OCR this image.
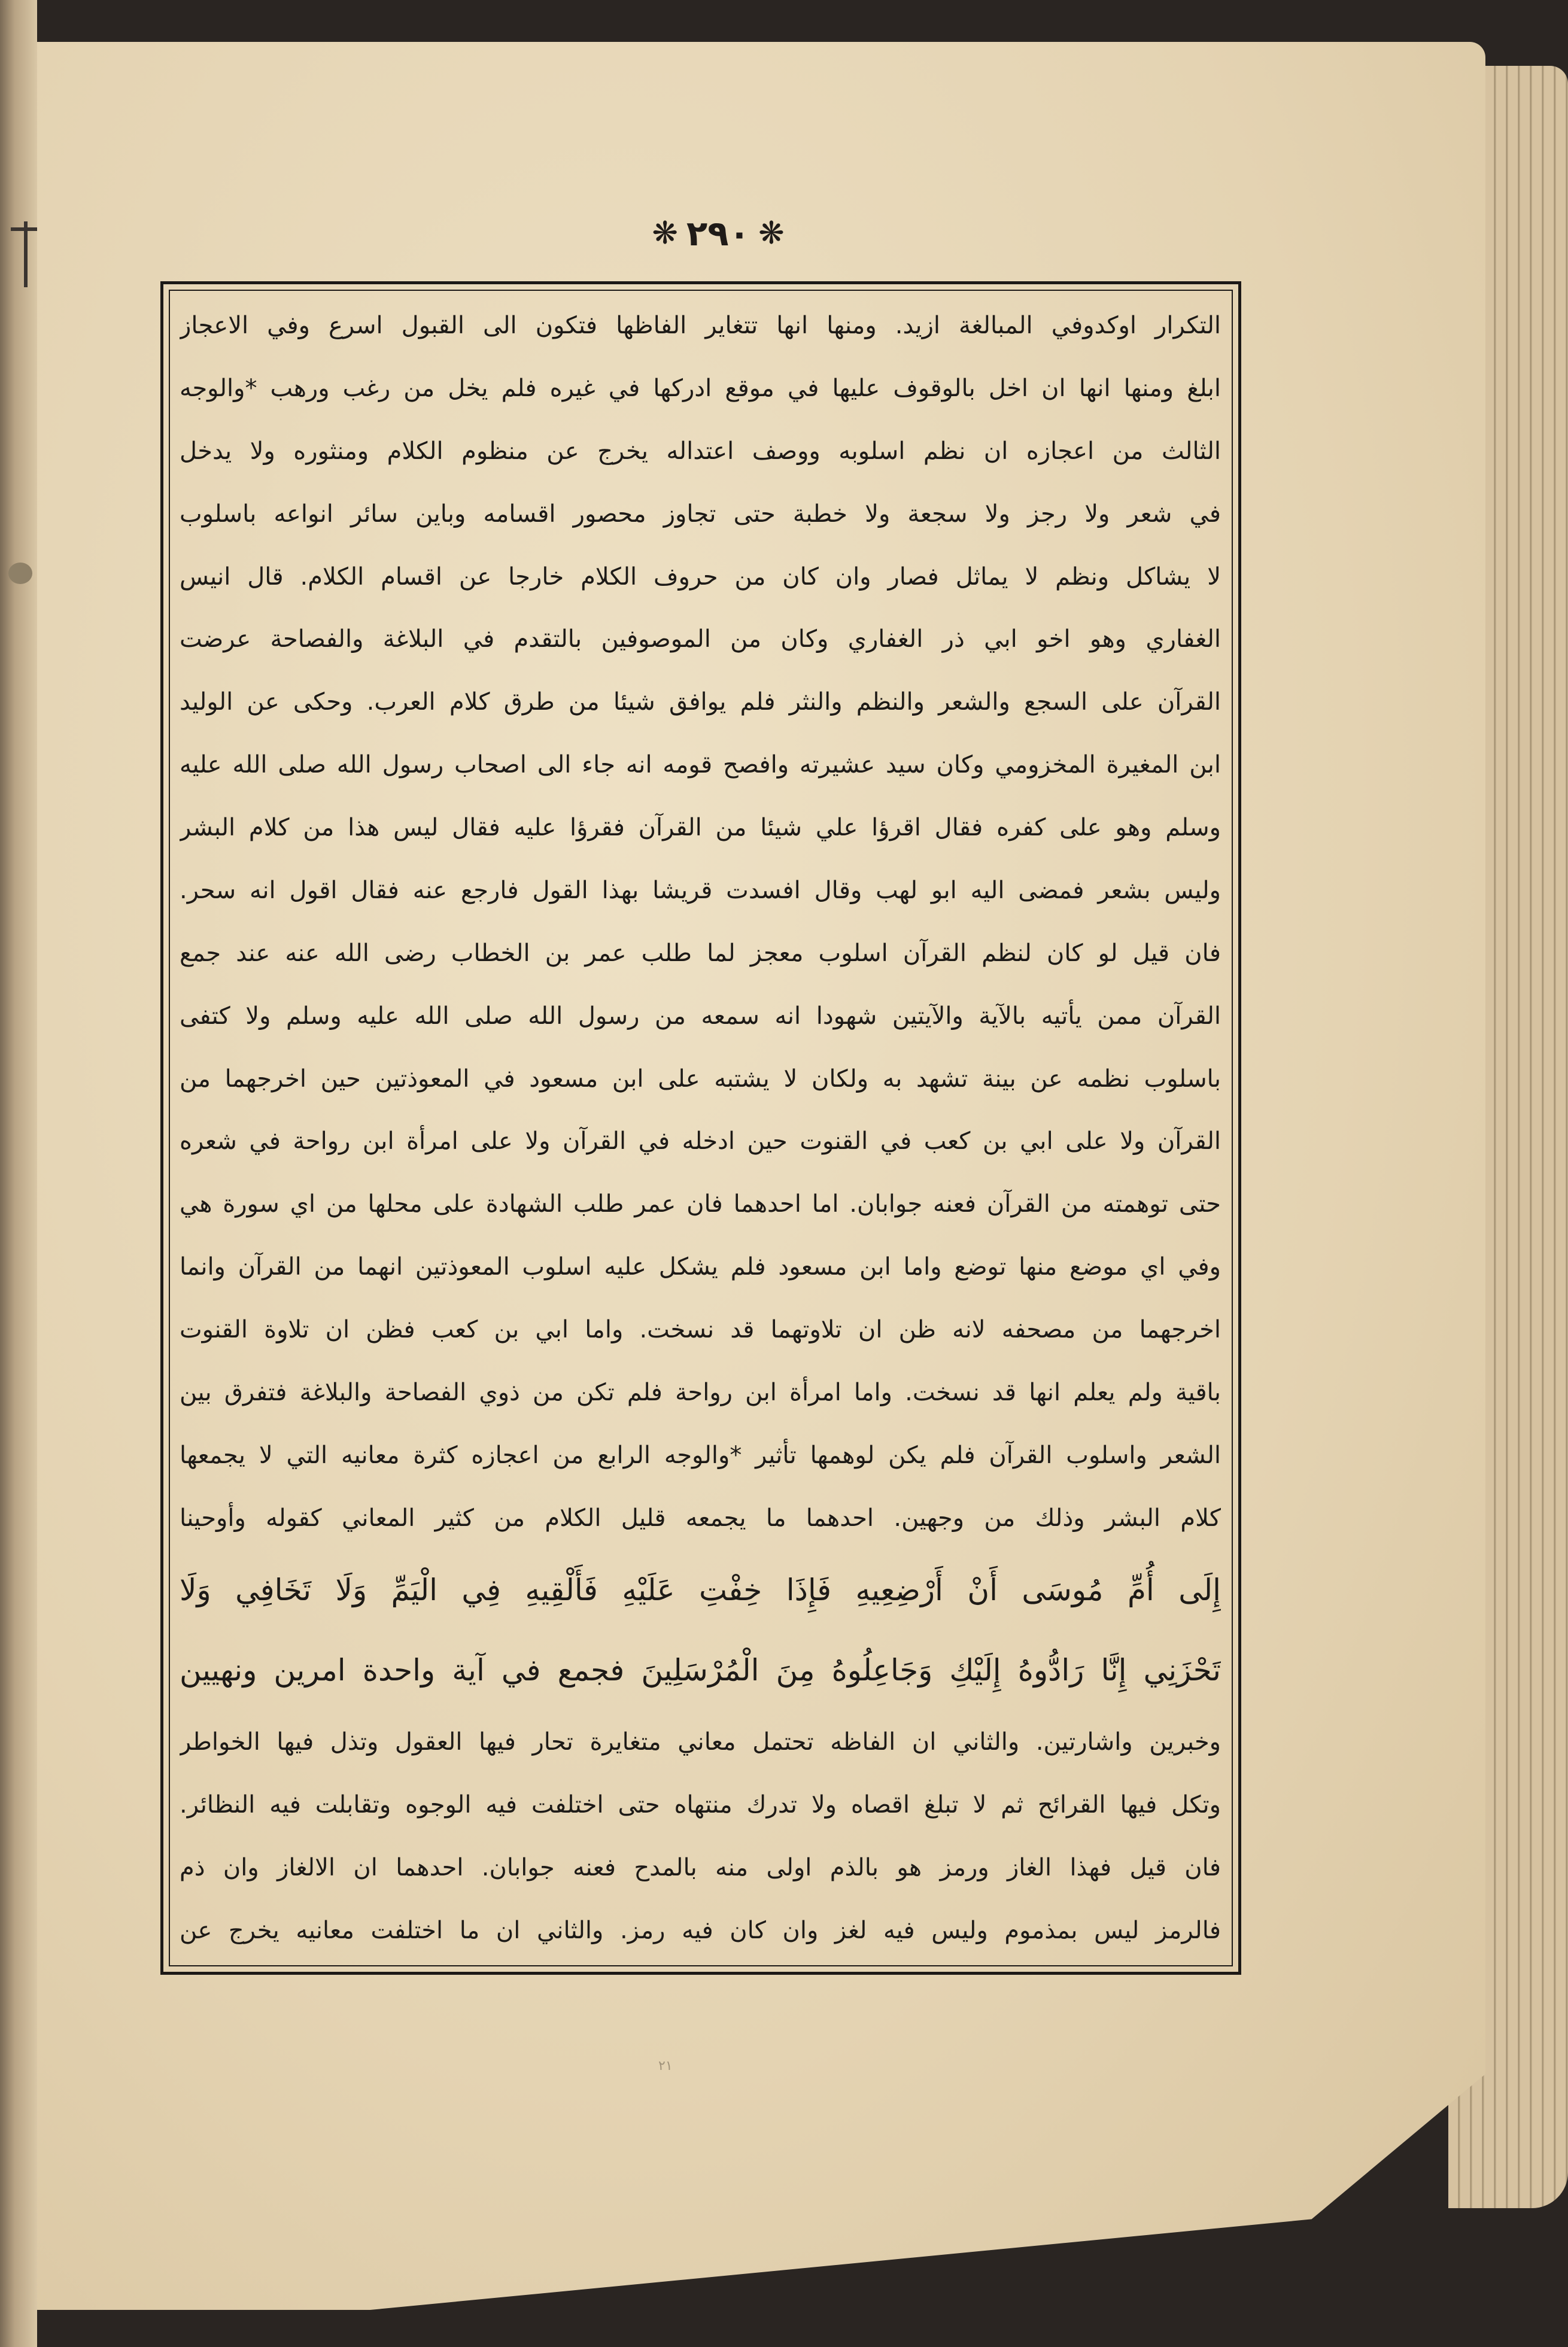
❋ ٢٩٠ ❋
التكرار اوكدوفي المبالغة ازيد. ومنها انها تتغاير الفاظها فتكون الى القبول اسرع وفي الاعجاز
ابلغ ومنها انها ان اخل بالوقوف عليها في موقع ادركها في غيره فلم يخل من رغب ورهب *والوجه
الثالث من اعجازه ان نظم اسلوبه ووصف اعتداله يخرج عن منظوم الكلام ومنثوره ولا يدخل
في شعر ولا رجز ولا سجعة ولا خطبة حتى تجاوز محصور اقسامه وباين سائر انواعه باسلوب
لا يشاكل ونظم لا يماثل فصار وان كان من حروف الكلام خارجا عن اقسام الكلام. قال انيس
الغفاري وهو اخو ابي ذر الغفاري وكان من الموصوفين بالتقدم في البلاغة والفصاحة عرضت
القرآن على السجع والشعر والنظم والنثر فلم يوافق شيئا من طرق كلام العرب. وحكى عن الوليد
ابن المغيرة المخزومي وكان سيد عشيرته وافصح قومه انه جاء الى اصحاب رسول الله صلى الله عليه
وسلم وهو على كفره فقال اقرؤا علي شيئا من القرآن فقرؤا عليه فقال ليس هذا من كلام البشر
وليس بشعر فمضى اليه ابو لهب وقال افسدت قريشا بهذا القول فارجع عنه فقال اقول انه سحر.
فان قيل لو كان لنظم القرآن اسلوب معجز لما طلب عمر بن الخطاب رضى الله عنه عند جمع
القرآن ممن يأتيه بالآية والآيتين شهودا انه سمعه من رسول الله صلى الله عليه وسلم ولا كتفى
باسلوب نظمه عن بينة تشهد به ولكان لا يشتبه على ابن مسعود في المعوذتين حين اخرجهما من
القرآن ولا على ابي بن كعب في القنوت حين ادخله في القرآن ولا على امرأة ابن رواحة في شعره
حتى توهمته من القرآن فعنه جوابان. اما احدهما فان عمر طلب الشهادة على محلها من اي سورة هي
وفي اي موضع منها توضع واما ابن مسعود فلم يشكل عليه اسلوب المعوذتين انهما من القرآن وانما
اخرجهما من مصحفه لانه ظن ان تلاوتهما قد نسخت. واما ابي بن كعب فظن ان تلاوة القنوت
باقية ولم يعلم انها قد نسخت. واما امرأة ابن رواحة فلم تكن من ذوي الفصاحة والبلاغة فتفرق بين
الشعر واسلوب القرآن فلم يكن لوهمها تأثير *والوجه الرابع من اعجازه كثرة معانيه التي لا يجمعها
كلام البشر وذلك من وجهين. احدهما ما يجمعه قليل الكلام من كثير المعاني كقوله وأوحينا
إِلَى أُمِّ مُوسَى أَنْ أَرْضِعِيهِ فَإِذَا خِفْتِ عَلَيْهِ فَأَلْقِيهِ فِي الْيَمِّ وَلَا تَخَافِي وَلَا
تَحْزَنِي إِنَّا رَادُّوهُ إِلَيْكِ وَجَاعِلُوهُ مِنَ الْمُرْسَلِينَ فجمع في آية واحدة امرين ونهيين
وخبرين واشارتين. والثاني ان الفاظه تحتمل معاني متغايرة تحار فيها العقول وتذل فيها الخواطر
وتكل فيها القرائح ثم لا تبلغ اقصاه ولا تدرك منتهاه حتى اختلفت فيه الوجوه وتقابلت فيه النظائر.
فان قيل فهذا الغاز ورمز هو بالذم اولى منه بالمدح فعنه جوابان. احدهما ان الالغاز وان ذم
فالرمز ليس بمذموم وليس فيه لغز وان كان فيه رمز. والثاني ان ما اختلفت معانيه يخرج عن
٢١
